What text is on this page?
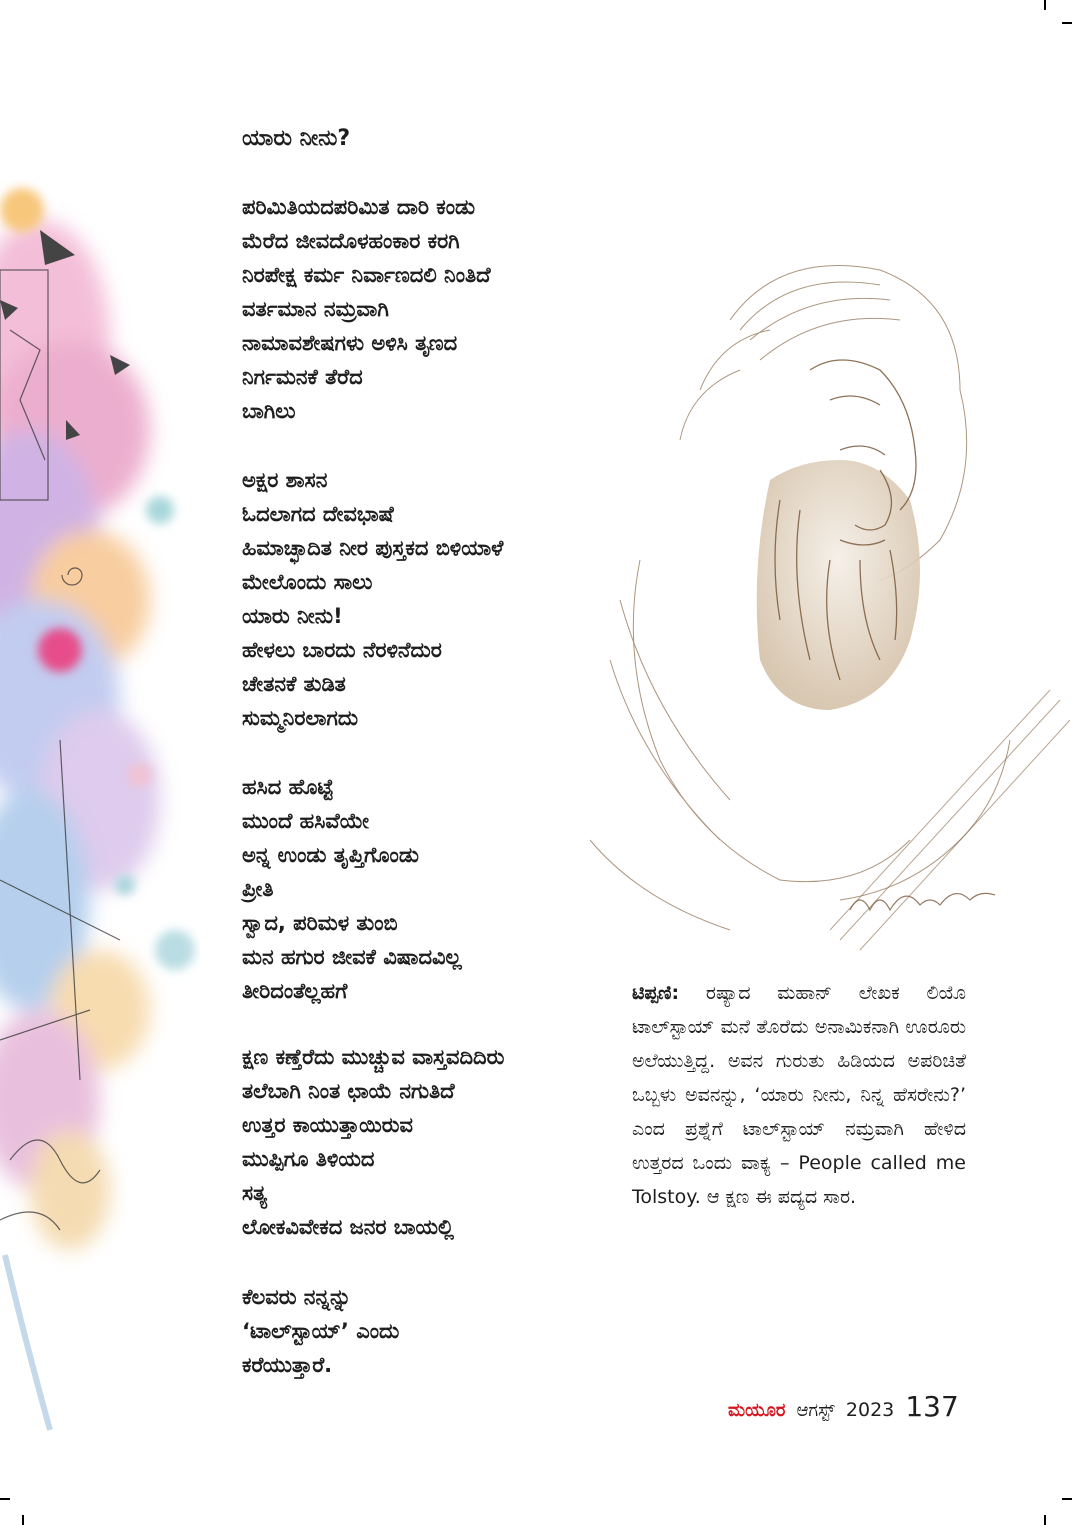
ಯಾರು ನೀನು?
ಪರಿಮಿತಿಯದಪರಿಮಿತ ದಾರಿ ಕಂಡು
ಮೆರೆದ ಜೀವದೊಳಹಂಕಾರ ಕರಗಿ
ನಿರಪೇಕ್ಷ ಕರ್ಮ ನಿರ್ವಾಣದಲಿ ನಿಂತಿದೆ
ವರ್ತಮಾನ ನಮ್ರವಾಗಿ
ನಾಮಾವಶೇಷಗಳು ಅಳಿಸಿ ತೃಣದ
ನಿರ್ಗಮನಕೆ ತೆರೆದ
ಬಾಗಿಲು
ಅಕ್ಷರ ಶಾಸನ
ಓದಲಾಗದ ದೇವಭಾಷೆ
ಹಿಮಾಚ್ಛಾದಿತ ನೀರ ಪುಸ್ತಕದ ಬಿಳಿಯಾಳೆ
ಮೇಲೊಂದು ಸಾಲು
ಯಾರು ನೀನು!
ಹೇಳಲು ಬಾರದು ನೆರಳಿನೆದುರ
ಚೇತನಕೆ ತುಡಿತ
ಸುಮ್ಮನಿರಲಾಗದು
ಹಸಿದ ಹೊಟ್ಟೆ
ಮುಂದೆ ಹಸಿವೆಯೇ
ಅನ್ನ ಉಂಡು ತೃಪ್ತಿಗೊಂಡು
ಪ್ರೀತಿ
ಸ್ವಾದ, ಪರಿಮಳ ತುಂಬಿ
ಮನ ಹಗುರ ಜೀವಕೆ ವಿಷಾದವಿಲ್ಲ
ತೀರಿದಂತೆಲ್ಲಹಗೆ
ಕ್ಷಣ ಕಣ್ತೆರೆದು ಮುಚ್ಚುವ ವಾಸ್ತವದಿದಿರು
ತಲೆಬಾಗಿ ನಿಂತ ಛಾಯೆ ನಗುತಿದೆ
ಉತ್ತರ ಕಾಯುತ್ತಾಯಿರುವ
ಮುಪ್ಪಿಗೂ ತಿಳಿಯದ
ಸತ್ಯ
ಲೋಕವಿವೇಕದ ಜನರ ಬಾಯಲ್ಲಿ
ಕೆಲವರು ನನ್ನನ್ನು
‘ಟಾಲ್‌ಸ್ಟಾಯ್’ ಎಂದು
ಕರೆಯುತ್ತಾರೆ.
ಟಿಪ್ಪಣಿ: ರಷ್ಯಾದ ಮಹಾನ್ ಲೇಖಕ ಲಿಯೊ ಟಾಲ್‌ಸ್ಟಾಯ್ ಮನೆ ತೊರೆದು ಅನಾಮಿಕನಾಗಿ ಊರೂರು ಅಲೆಯುತ್ತಿದ್ದ. ಅವನ ಗುರುತು ಹಿಡಿಯದ ಅಪರಿಚಿತೆ ಒಬ್ಬಳು ಅವನನ್ನು, ‘ಯಾರು ನೀನು, ನಿನ್ನ ಹೆಸರೇನು?’ ಎಂದ ಪ್ರಶ್ನೆಗೆ ಟಾಲ್‌ಸ್ಟಾಯ್ ನಮ್ರವಾಗಿ ಹೇಳಿದ ಉತ್ತರದ ಒಂದು ವಾಕ್ಯ – People called me Tolstoy. ಆ ಕ್ಷಣ ಈ ಪದ್ಯದ ಸಾರ.
ಮಯೂರ ಆಗಸ್ಟ್ 2023 137
